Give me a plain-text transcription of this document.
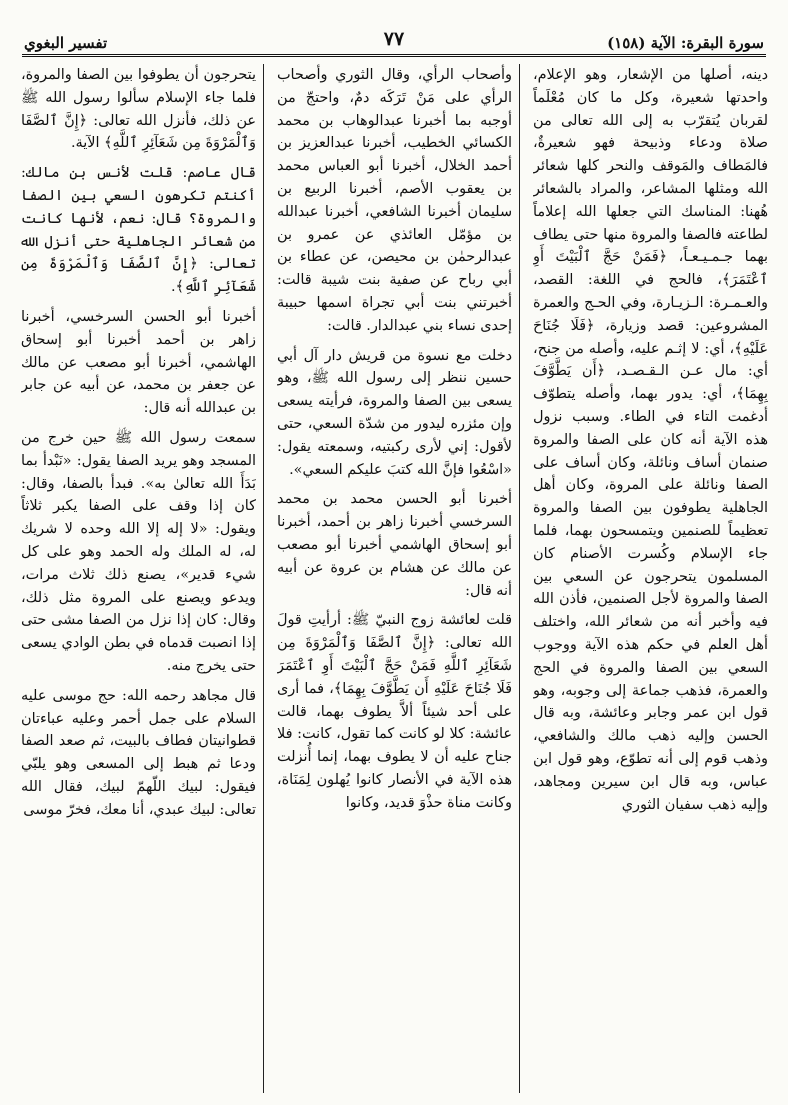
سورة البقرة: الآية (١٥٨)
٧٧
تفسير البغوي

دينه، أصلها من الإشعار، وهو الإعلام، واحدتها شعيرة، وكل ما كان مُعْلَماً لقربان يُتقرّب به إلى الله تعالى من صلاة ودعاء وذبيحة فهو شعيرةٌ، فالمَطاف والمَوقف والنحر كلها شعائر الله ومثلها المشاعر، والمراد بالشعائر هُهنا: المناسك التي جعلها الله إعلاماً لطاعته فالصفا والمروة منها حتى يطاف بهما جـمـيـعـاً، ﴿فَمَنْ حَجَّ ٱلْبَيْتَ أَوِ ٱعْتَمَرَ﴾، فالحج في اللغة: القصد، والعـمـرة: الـزيـارة، وفي الحـج والعمرة المشروعين: قصد وزيارة، ﴿فَلَا جُنَاحَ عَلَيْهِ﴾، أي: لا إثـم عليه، وأصله من جنح، أي: مال عـن الـقـصـد، ﴿أَن يَطَّوَّفَ بِهِمَا﴾، أي: يدور بهما، وأصله يتطوّف أدغمت التاء في الطاء. وسبب نزول هذه الآية أنه كان على الصفا والمروة صنمان أساف ونائلة، وكان أساف على الصفا ونائلة على المروة، وكان أهل الجاهلية يطوفون بين الصفا والمروة تعظيماً للصنمين ويتمسحون بهما، فلما جاء الإسلام وكُسرت الأصنام كان المسلمون يتحرجون عن السعي بين الصفا والمروة لأجل الصنمين، فأذن الله فيه وأخبر أنه من شعائر الله، واختلف أهل العلم في حكم هذه الآية ووجوب السعي بين الصفا والمروة في الحج والعمرة، فذهب جماعة إلى وجوبه، وهو قول ابن عمر وجابر وعائشة، وبه قال الحسن وإليه ذهب مالك والشافعي، وذهب قوم إلى أنه تطوّع، وهو قول ابن عباس، وبه قال ابن سيرين ومجاهد، وإليه ذهب سفيان الثوري

وأصحاب الرأي، وقال الثوري وأصحاب الرأي على مَنْ تَرَكَه دمٌ، واحتجّ من أوجبه بما أخبرنا عبدالوهاب بن محمد الكسائي الخطيب، أخبرنا عبدالعزيز بن أحمد الخلال، أخبرنا أبو العباس محمد بن يعقوب الأصم، أخبرنا الربيع بن سليمان أخبرنا الشافعي، أخبرنا عبدالله بن مؤمّل العائذي عن عمرو بن عبدالرحمٰن بن محيصن، عن عطاء بن أبي رباح عن صفية بنت شيبة قالت: أخبرتني بنت أبي تجراة اسمها حبيبة إحدى نساء بني عبدالدار. قالت:

دخلت مع نسوة من قريش دار آل أبي حسين ننظر إلى رسول الله ﷺ، وهو يسعى بين الصفا والمروة، فرأيته يسعى وإن مئزره ليدور من شدّة السعي، حتى لأقول: إني لأرى ركبتيه، وسمعته يقول: «اسْعُوا فإنَّ الله كتبَ عليكم السعي».

أخبرنا أبو الحسن محمد بن محمد السرخسي أخبرنا زاهر بن أحمد، أخبرنا أبو إسحاق الهاشمي أخبرنا أبو مصعب عن مالك عن هشام بن عروة عن أبيه أنه قال:

قلت لعائشة زوج النبيّ ﷺ: أرأيتِ قولَ الله تعالى: ﴿إِنَّ ٱلصَّفَا وَٱلْمَرْوَةَ مِن شَعَآئِرِ ٱللَّهِ فَمَنْ حَجَّ ٱلْبَيْتَ أَوِ ٱعْتَمَرَ فَلَا جُنَاحَ عَلَيْهِ أَن يَطَّوَّفَ بِهِمَا﴾، فما أرى على أحد شيئاً ألاَّ يطوف بهما، قالت عائشة: كلا لو كانت كما تقول، كانت: فلا جناح عليه أن لا يطوف بهما، إنما أُنزلت هذه الآية في الأنصار كانوا يُهلون لِمَنَاة، وكانت مناة حذْوَ قديد، وكانوا

يتحرجون أن يطوفوا بين الصفا والمروة، فلما جاء الإسلام سألوا رسول الله ﷺ عن ذلك، فأنزل الله تعالى: ﴿إِنَّ ٱلصَّفَا وَٱلْمَرْوَةَ مِن شَعَآئِرِ ٱللَّهِ﴾ الآية.

قال عاصم: قلت لأنس بن مالك: أكنتم تكرهون السعي بين الصفا والمروة؟ قال: نعم، لأنها كانت من شعائر الجاهلية حتى أنزل الله تعالى: ﴿إِنَّ ٱلصَّفَا وَٱلْمَرْوَةَ مِن شَعَآئِرِ ٱللَّهِ﴾.

أخبرنا أبو الحسن السرخسي، أخبرنا زاهر بن أحمد أخبرنا أبو إسحاق الهاشمي، أخبرنا أبو مصعب عن مالك عن جعفر بن محمد، عن أبيه عن جابر بن عبدالله أنه قال:

سمعت رسول الله ﷺ حين خرج من المسجد وهو يريد الصفا يقول: «نَبْدأ بما بَدَأَ الله تعالىٰ به». فبدأ بالصفا، وقال: كان إذا وقف على الصفا يكبر ثلاثاً ويقول: «لا إله إلا الله وحده لا شريك له، له الملك وله الحمد وهو على كل شيء قدير»، يصنع ذلك ثلاث مرات، ويدعو ويصنع على المروة مثل ذلك، وقال: كان إذا نزل من الصفا مشى حتى إذا انصبت قدماه في بطن الوادي يسعى حتى يخرج منه.

قال مجاهد رحمه الله: حج موسى عليه السلام على جمل أحمر وعليه عباءتان قطوانيتان فطاف بالبيت، ثم صعد الصفا ودعا ثم هبط إلى المسعى وهو يلبّي فيقول: لبيك اللّهمّ لبيك، فقال الله تعالى: لبيك عبدي، أنا معك، فخرّ موسى
